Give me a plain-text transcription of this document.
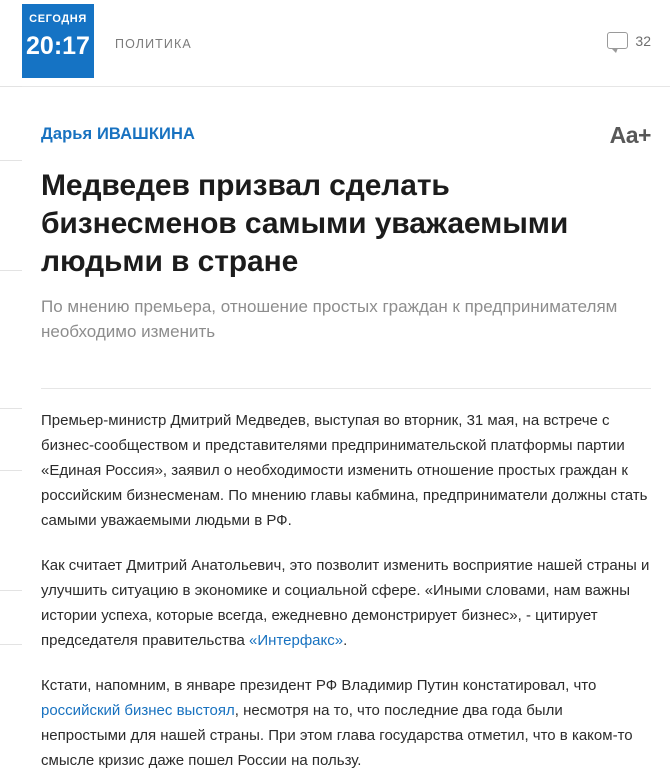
СЕГОДНЯ
20:17	ПОЛИТИКА	32
Дарья ИВАШКИНА	Aa+
Медведев призвал сделать бизнесменов самыми уважаемыми людьми в стране
По мнению премьера, отношение простых граждан к предпринимателям необходимо изменить

Премьер-министр Дмитрий Медведев, выступая во вторник, 31 мая, на встрече с бизнес-сообществом и представителями предпринимательской платформы партии «Единая Россия», заявил о необходимости изменить отношение простых граждан к российским бизнесменам. По мнению главы кабмина, предприниматели должны стать самыми уважаемыми людьми в РФ.

Как считает Дмитрий Анатольевич, это позволит изменить восприятие нашей страны и улучшить ситуацию в экономике и социальной сфере. «Иными словами, нам важны истории успеха, которые всегда, ежедневно демонстрирует бизнес», - цитирует председателя правительства «Интерфакс».

Кстати, напомним, в январе президент РФ Владимир Путин констатировал, что российский бизнес выстоял, несмотря на то, что последние два года были непростыми для нашей страны. При этом глава государства отметил, что в каком-то смысле кризис даже пошел России на пользу.
